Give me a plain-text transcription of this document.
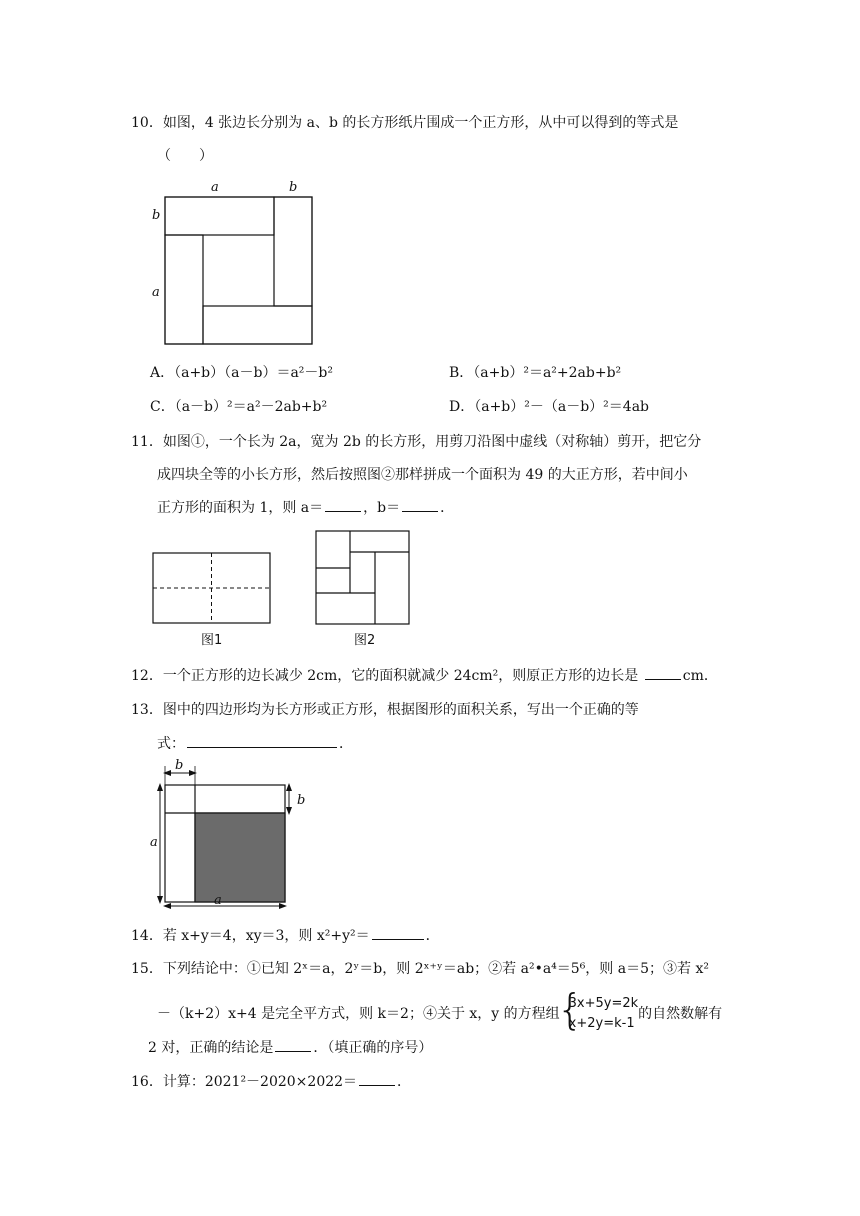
10．如图，4 张边长分别为 a、b 的长方形纸片围成一个正方形，从中可以得到的等式是
（　　）
a	b
b
a
A．（a+b）（a－b）＝a²－b²	B．（a+b）²＝a²+2ab+b²
C．（a－b）²＝a²－2ab+b²	D．（a+b）²－（a－b）²＝4ab
11．如图①，一个长为 2a，宽为 2b 的长方形，用剪刀沿图中虚线（对称轴）剪开，把它分
成四块全等的小长方形，然后按照图②那样拼成一个面积为 49 的大正方形，若中间小
正方形的面积为 1，则 a＝	，b＝	．
图1	图2
12．一个正方形的边长减少 2cm，它的面积就减少 24cm²，则原正方形的边长是	cm．
13．图中的四边形均为长方形或正方形，根据图形的面积关系，写出一个正确的等
式：	．
b
b
a
a
14．若 x+y＝4，xy＝3，则 x²+y²＝	．
15．下列结论中：①已知 2ˣ＝a，2ʸ＝b，则 2ˣ⁺ʸ＝ab；②若 a²•a⁴＝5⁶，则 a＝5；③若 x²
－（k+2）x+4 是完全平方式，则 k＝2；④关于 x，y 的方程组
{ 3x+5y=2k
x+2y=k-1
的自然数解有
2 对，正确的结论是	．（填正确的序号）
16．计算：2021²－2020×2022＝	．
